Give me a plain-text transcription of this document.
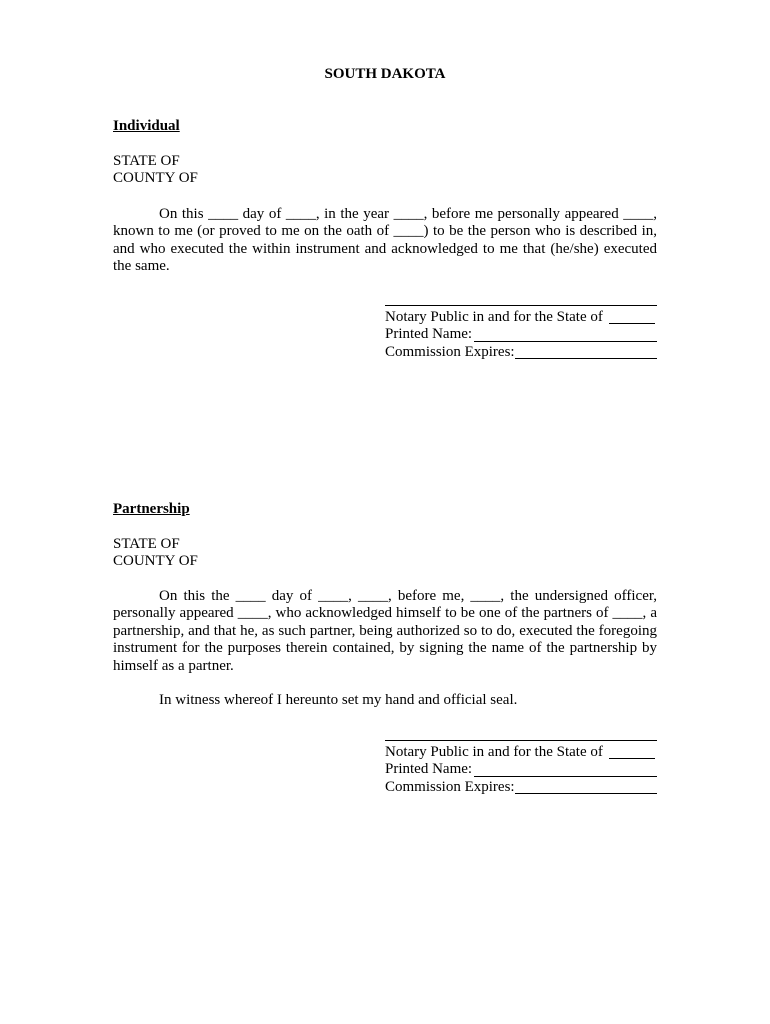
SOUTH DAKOTA
Individual
STATE OF
COUNTY OF
On this ____ day of ____, in the year ____, before me personally appeared ____, known to me (or proved to me on the oath of ____) to be the person who is described in, and who executed the within instrument and acknowledged to me that (he/she) executed the same.
Notary Public in and for the State of
Printed Name:
Commission Expires:
Partnership
STATE OF
COUNTY OF
On this the ____ day of ____, ____, before me, ____, the undersigned officer, personally appeared ____, who acknowledged himself to be one of the partners of ____, a partnership, and that he, as such partner, being authorized so to do, executed the foregoing instrument for the purposes therein contained, by signing the name of the partnership by himself as a partner.
In witness whereof I hereunto set my hand and official seal.
Notary Public in and for the State of
Printed Name:
Commission Expires:
